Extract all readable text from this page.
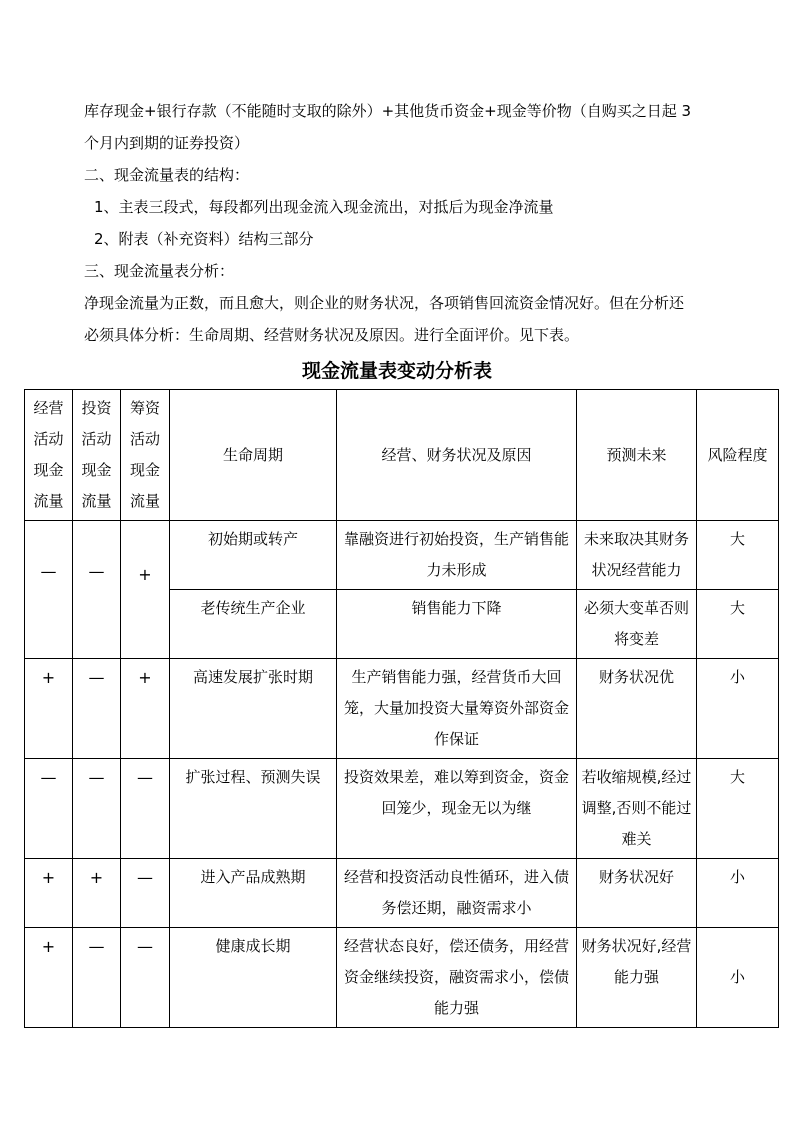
库存现金+银行存款（不能随时支取的除外）+其他货币资金+现金等价物（自购买之日起 3
个月内到期的证券投资）
二、现金流量表的结构：
1、主表三段式，每段都列出现金流入现金流出，对抵后为现金净流量
2、附表（补充资料）结构三部分
三、现金流量表分析：
净现金流量为正数，而且愈大，则企业的财务状况，各项销售回流资金情况好。但在分析还
必须具体分析：生命周期、经营财务状况及原因。进行全面评价。见下表。
现金流量表变动分析表
经营活动现金流量	投资活动现金流量	筹资活动现金流量	生命周期	经营、财务状况及原因	预测未来	风险程度
—	—	+	初始期或转产	靠融资进行初始投资，生产销售能力未形成	未来取决其财务状况经营能力	大
			老传统生产企业	销售能力下降	必须大变革否则将变差	大
+	—	+	高速发展扩张时期	生产销售能力强，经营货币大回笼，大量加投资大量筹资外部资金作保证	财务状况优	小
—	—	—	扩张过程、预测失误	投资效果差，难以筹到资金，资金回笼少，现金无以为继	若收缩规模,经过调整,否则不能过难关	大
+	+	—	进入产品成熟期	经营和投资活动良性循环，进入债务偿还期，融资需求小	财务状况好	小
+	—	—	健康成长期	经营状态良好，偿还债务，用经营资金继续投资，融资需求小，偿债能力强	财务状况好,经营能力强	小
